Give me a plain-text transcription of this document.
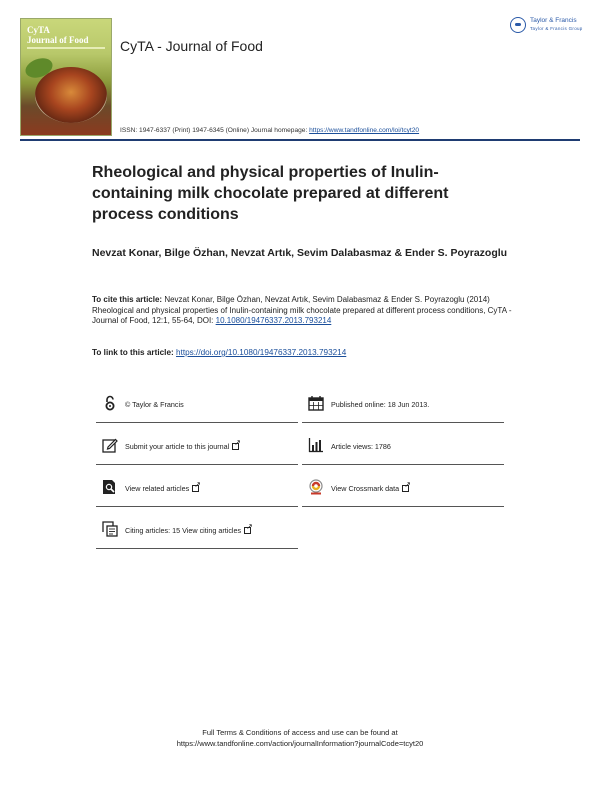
CyTA
Journal of Food	CyTA - Journal of Food
Taylor & Francis
Taylor & Francis Group
ISSN: 1947-6337 (Print) 1947-6345 (Online) Journal homepage: https://www.tandfonline.com/loi/tcyt20
Rheological and physical properties of Inulin-containing milk chocolate prepared at different process conditions
Nevzat Konar, Bilge Özhan, Nevzat Artık, Sevim Dalabasmaz & Ender S. Poyrazoglu
To cite this article: Nevzat Konar, Bilge Özhan, Nevzat Artık, Sevim Dalabasmaz & Ender S. Poyrazoglu (2014) Rheological and physical properties of Inulin-containing milk chocolate prepared at different process conditions, CyTA - Journal of Food, 12:1, 55-64, DOI: 10.1080/19476337.2013.793214
To link to this article: https://doi.org/10.1080/19476337.2013.793214
© Taylor & Francis	Published online: 18 Jun 2013.
Submit your article to this journal ↗	Article views: 1786
View related articles ↗	View Crossmark data↗
Citing articles: 15 View citing articles↗
Full Terms & Conditions of access and use can be found at
https://www.tandfonline.com/action/journalInformation?journalCode=tcyt20
